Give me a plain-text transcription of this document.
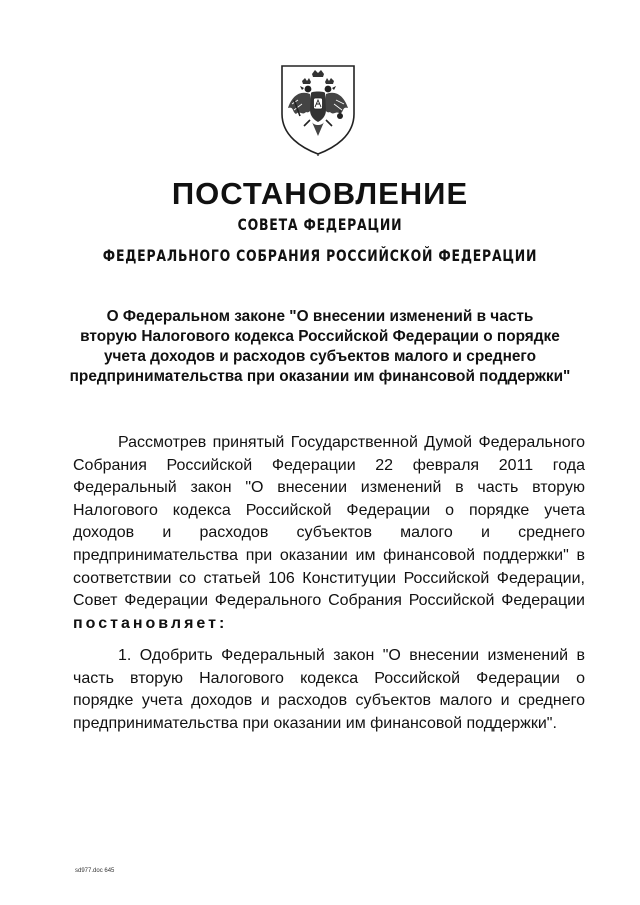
ПОСТАНОВЛЕНИЕ
СОВЕТА ФЕДЕРАЦИИ
ФЕДЕРАЛЬНОГО СОБРАНИЯ РОССИЙСКОЙ ФЕДЕРАЦИИ
О Федеральном законе "О внесении изменений в часть
вторую Налогового кодекса Российской Федерации о порядке
учета доходов и расходов субъектов малого и среднего
предпринимательства при оказании им финансовой поддержки"
Рассмотрев принятый Государственной Думой Федерального
Собрания Российской Федерации 22 февраля 2011 года
Федеральный закон "О внесении изменений в часть вторую
Налогового кодекса Российской Федерации о порядке учета
доходов и расходов субъектов малого и среднего
предпринимательства при оказании им финансовой поддержки" в
соответствии со статьей 106 Конституции Российской Федерации,
Совет Федерации Федерального Собрания Российской Федерации
постановляет:
1. Одобрить Федеральный закон "О внесении изменений в
часть вторую Налогового кодекса Российской Федерации о
порядке учета доходов и расходов субъектов малого и среднего
предпринимательства при оказании им финансовой поддержки".
sd977.doc 645
